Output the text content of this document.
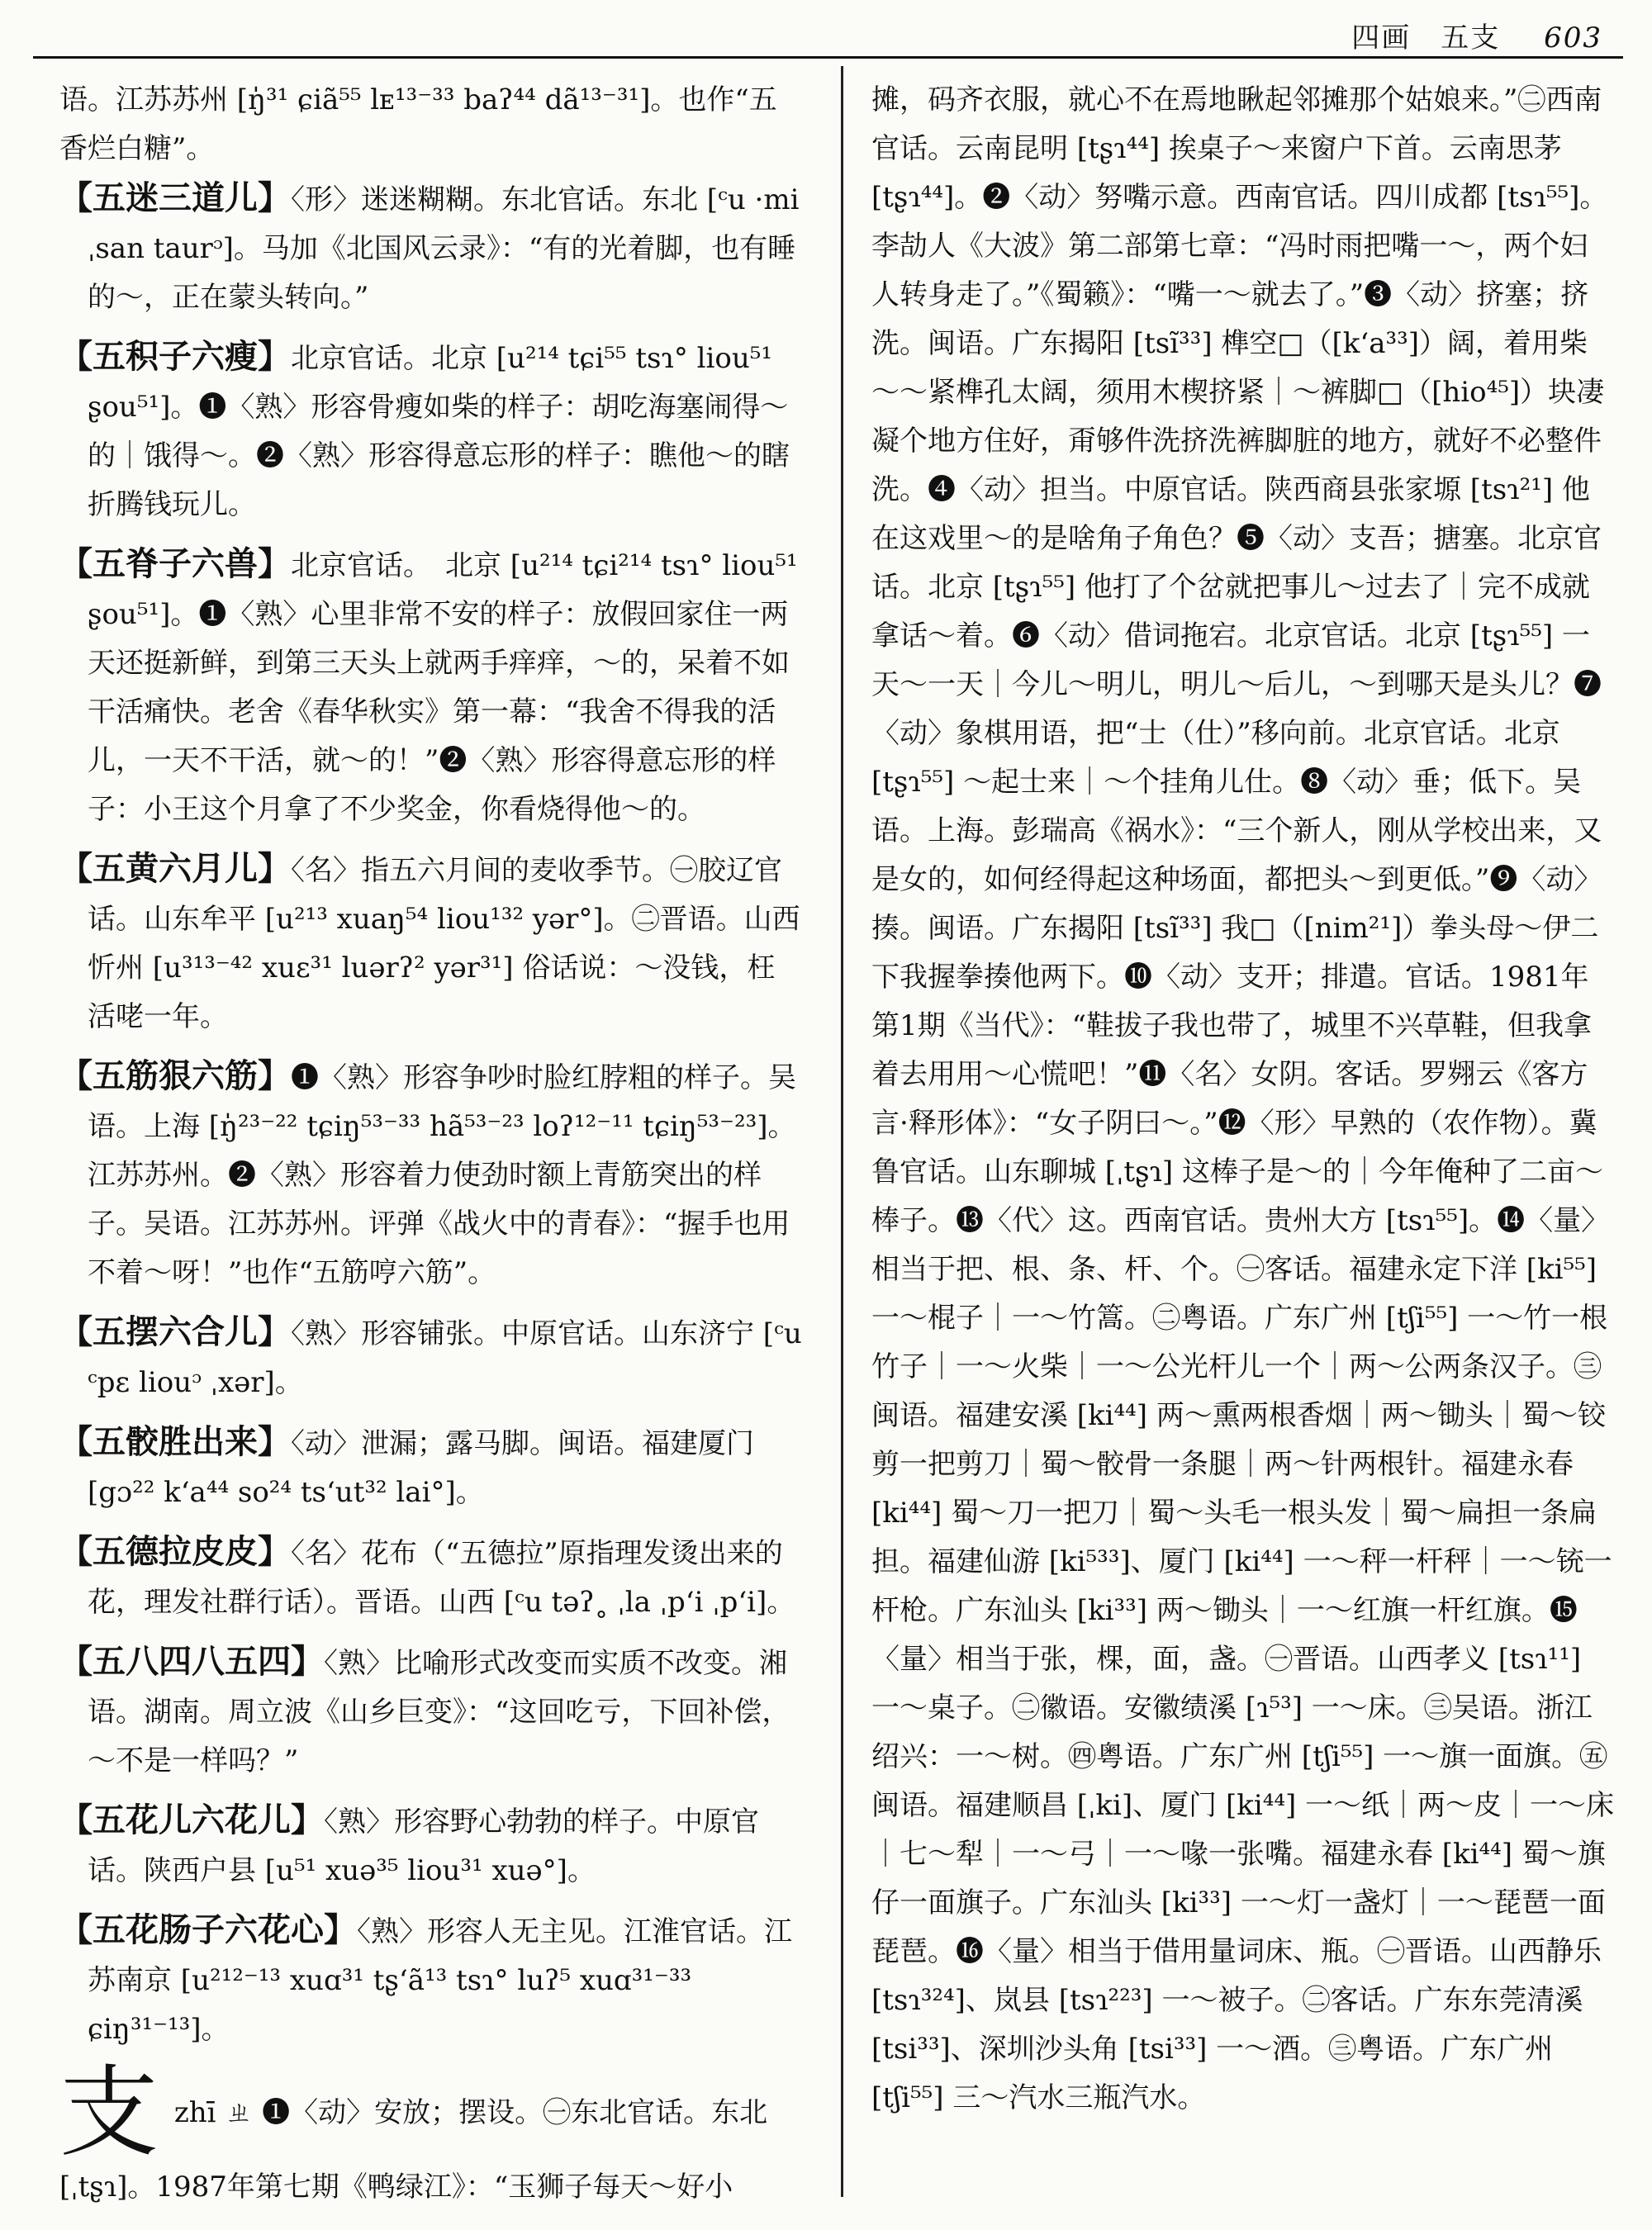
四画　五支 603

语。江苏苏州 [ŋ̍³¹ ɕiã⁵⁵ lᴇ¹³⁻³³ baʔ⁴⁴ dã¹³⁻³¹]。也作“五香烂白糖”。

【五迷三道儿】〈形〉迷迷糊糊。东北官话。东北 [ᶜu ·mi ˌsan taurᵓ]。马加《北国风云录》：“有的光着脚，也有睡的～，正在蒙头转向。”
【五积子六瘦】北京官话。北京 [u²¹⁴ tɕi⁵⁵ tsɿ° liou⁵¹ ʂou⁵¹]。❶〈熟〉形容骨瘦如柴的样子：胡吃海塞闹得～的｜饿得～。❷〈熟〉形容得意忘形的样子：瞧他～的瞎折腾钱玩儿。
【五脊子六兽】北京官话。　北京 [u²¹⁴ tɕi²¹⁴ tsɿ° liou⁵¹ ʂou⁵¹]。❶〈熟〉心里非常不安的样子：放假回家住一两天还挺新鲜，到第三天头上就两手痒痒，～的，呆着不如干活痛快。老舍《春华秋实》第一幕：“我舍不得我的活儿，一天不干活，就～的！”❷〈熟〉形容得意忘形的样子：小王这个月拿了不少奖金，你看烧得他～的。
【五黄六月儿】〈名〉指五六月间的麦收季节。㊀胶辽官话。山东牟平 [u²¹³ xuaŋ⁵⁴ liou¹³² yər°]。㊁晋语。山西忻州 [u³¹³⁻⁴² xuɛ³¹ luərʔ² yər³¹] 俗话说：～没钱，枉活咾一年。
【五筋狠六筋】❶〈熟〉形容争吵时脸红脖粗的样子。吴语。上海 [ŋ̍²³⁻²² tɕiŋ⁵³⁻³³ hã⁵³⁻²³ loʔ¹²⁻¹¹ tɕiŋ⁵³⁻²³]。江苏苏州。❷〈熟〉形容着力使劲时额上青筋突出的样子。吴语。江苏苏州。评弹《战火中的青春》：“握手也用不着～呀！”也作“五筋哼六筋”。
【五摆六合儿】〈熟〉形容铺张。中原官话。山东济宁 [ᶜu ᶜpɛ liouᵓ ˌxər]。
【五骹胜出来】〈动〉泄漏；露马脚。闽语。福建厦门 [gɔ²² k‘a⁴⁴ so²⁴ ts‘ut³² lai°]。
【五德拉皮皮】〈名〉花布（“五德拉”原指理发烫出来的花，理发社群行话）。晋语。山西 [ᶜu təʔ˳ ˌla ˌp‘i ˌp‘i]。
【五八四八五四】〈熟〉比喻形式改变而实质不改变。湘语。湖南。周立波《山乡巨变》：“这回吃亏，下回补偿，～不是一样吗？”
【五花儿六花儿】〈熟〉形容野心勃勃的样子。中原官话。陕西户县 [u⁵¹ xuə³⁵ liou³¹ xuə°]。
【五花肠子六花心】〈熟〉形容人无主见。江淮官话。江苏南京 [u²¹²⁻¹³ xuɑ³¹ tʂ‘ã¹³ tsɿ° luʔ⁵ xuɑ³¹⁻³³ ɕiŋ³¹⁻¹³]。

支 zhī ㄓ ❶〈动〉安放；摆设。㊀东北官话。东北 [ˌtʂɿ]。1987年第七期《鸭绿江》：“玉狮子每天～好小

摊，码齐衣服，就心不在焉地瞅起邻摊那个姑娘来。”㊁西南官话。云南昆明 [tʂɿ⁴⁴] 挨桌子～来窗户下首。云南思茅 [tʂɿ⁴⁴]。❷〈动〉努嘴示意。西南官话。四川成都 [tsɿ⁵⁵]。李劼人《大波》第二部第七章：“冯时雨把嘴一～，两个妇人转身走了。”《蜀籁》：“嘴一～就去了。”❸〈动〉挤塞；挤洗。闽语。广东揭阳 [tsĩ³³] 榫空□（[k‘a³³]）阔，着用柴～～紧榫孔太阔，须用木楔挤紧｜～裤脚□（[hio⁴⁵]）块凄凝个地方住好，甭够件洗挤洗裤脚脏的地方，就好不必整件洗。❹〈动〉担当。中原官话。陕西商县张家塬 [tsɿ²¹] 他在这戏里～的是啥角子角色？❺〈动〉支吾；搪塞。北京官话。北京 [tʂɿ⁵⁵] 他打了个岔就把事儿～过去了｜完不成就拿话～着。❻〈动〉借词拖宕。北京官话。北京 [tʂɿ⁵⁵] 一天～一天｜今儿～明儿，明儿～后儿，～到哪天是头儿？❼〈动〉象棋用语，把“士（仕）”移向前。北京官话。北京 [tʂɿ⁵⁵] ～起士来｜～个挂角儿仕。❽〈动〉垂；低下。吴语。上海。彭瑞高《祸水》：“三个新人，刚从学校出来，又是女的，如何经得起这种场面，都把头～到更低。”❾〈动〉揍。闽语。广东揭阳 [tsĩ³³] 我□（[nim²¹]）拳头母～伊二下我握拳揍他两下。❿〈动〉支开；排遣。官话。1981年第1期《当代》：“鞋拔子我也带了，城里不兴草鞋，但我拿着去用用～心慌吧！”⓫〈名〉女阴。客话。罗翙云《客方言·释形体》：“女子阴曰～。”⓬〈形〉早熟的（农作物）。冀鲁官话。山东聊城 [ˌtʂɿ] 这棒子是～的｜今年俺种了二亩～棒子。⓭〈代〉这。西南官话。贵州大方 [tsɿ⁵⁵]。⓮〈量〉相当于把、根、条、杆、个。㊀客话。福建永定下洋 [ki⁵⁵] 一～棍子｜一～竹篙。㊁粤语。广东广州 [tʃi⁵⁵] 一～竹一根竹子｜一～火柴｜一～公光杆儿一个｜两～公两条汉子。㊂闽语。福建安溪 [ki⁴⁴] 两～熏两根香烟｜两～锄头｜蜀～铰剪一把剪刀｜蜀～骹骨一条腿｜两～针两根针。福建永春 [ki⁴⁴] 蜀～刀一把刀｜蜀～头毛一根头发｜蜀～扁担一条扁担。福建仙游 [ki⁵³³]、厦门 [ki⁴⁴] 一～秤一杆秤｜一～铳一杆枪。广东汕头 [ki³³] 两～锄头｜一～红旗一杆红旗。⓯〈量〉相当于张，棵，面，盏。㊀晋语。山西孝义 [tsɿ¹¹] 一～桌子。㊁徽语。安徽绩溪 [ɿ⁵³] 一～床。㊂吴语。浙江绍兴：一～树。㊃粤语。广东广州 [tʃi⁵⁵] 一～旗一面旗。㊄闽语。福建顺昌 [ˌki]、厦门 [ki⁴⁴] 一～纸｜两～皮｜一～床｜七～犁｜一～弓｜一～喙一张嘴。福建永春 [ki⁴⁴] 蜀～旗仔一面旗子。广东汕头 [ki³³] 一～灯一盏灯｜一～琵琶一面琵琶。⓰〈量〉相当于借用量词床、瓶。㊀晋语。山西静乐 [tsɿ³²⁴]、岚县 [tsɿ²²³] 一～被子。㊁客话。广东东莞清溪 [tsi³³]、深圳沙头角 [tsi³³] 一～酒。㊂粤语。广东广州 [tʃi⁵⁵] 三～汽水三瓶汽水。
